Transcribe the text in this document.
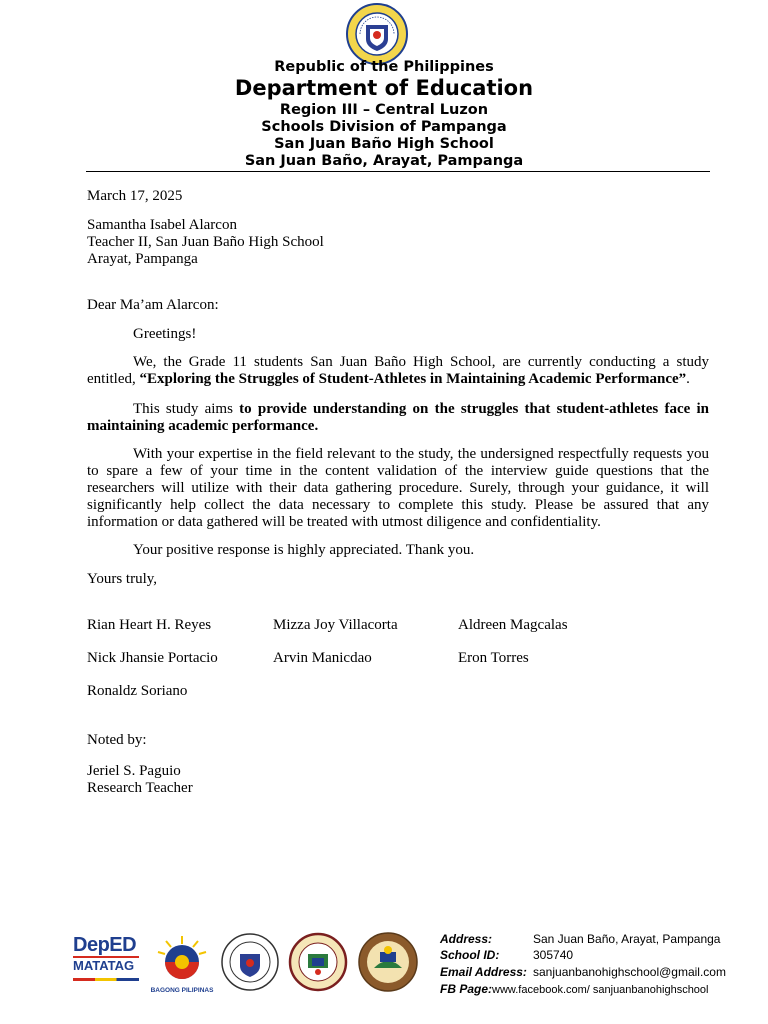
Republic of the Philippines
Department of Education
Region III – Central Luzon
Schools Division of Pampanga
San Juan Baño High School
San Juan Baño, Arayat, Pampanga
March 17, 2025
Samantha Isabel Alarcon
Teacher II, San Juan Baño High School
Arayat, Pampanga
Dear Ma’am Alarcon:
Greetings!
We, the Grade 11 students San Juan Baño High School, are currently conducting a study entitled, “Exploring the Struggles of Student-Athletes in Maintaining Academic Performance”.
This study aims to provide understanding on the struggles that student-athletes face in maintaining academic performance.
With your expertise in the field relevant to the study, the undersigned respectfully requests you to spare a few of your time in the content validation of the interview guide questions that the researchers will utilize with their data gathering procedure. Surely, through your guidance, it will significantly help collect the data necessary to complete this study. Please be assured that any information or data gathered will be treated with utmost diligence and confidentiality.
Your positive response is highly appreciated. Thank you.
Yours truly,
Rian Heart H. Reyes	Mizza Joy Villacorta	Aldreen Magcalas
Nick Jhansie Portacio	Arvin Manicdao	Eron Torres
Ronaldz Soriano
Noted by:
Jeriel S. Paguio
Research Teacher
DepED
MATATAG
BAGONG PILIPINAS
Address:	San Juan Baño, Arayat, Pampanga
School ID:	305740
Email Address: sanjuanbanohighschool@gmail.com
FB Page:www.facebook.com/ sanjuanbanohighschool
